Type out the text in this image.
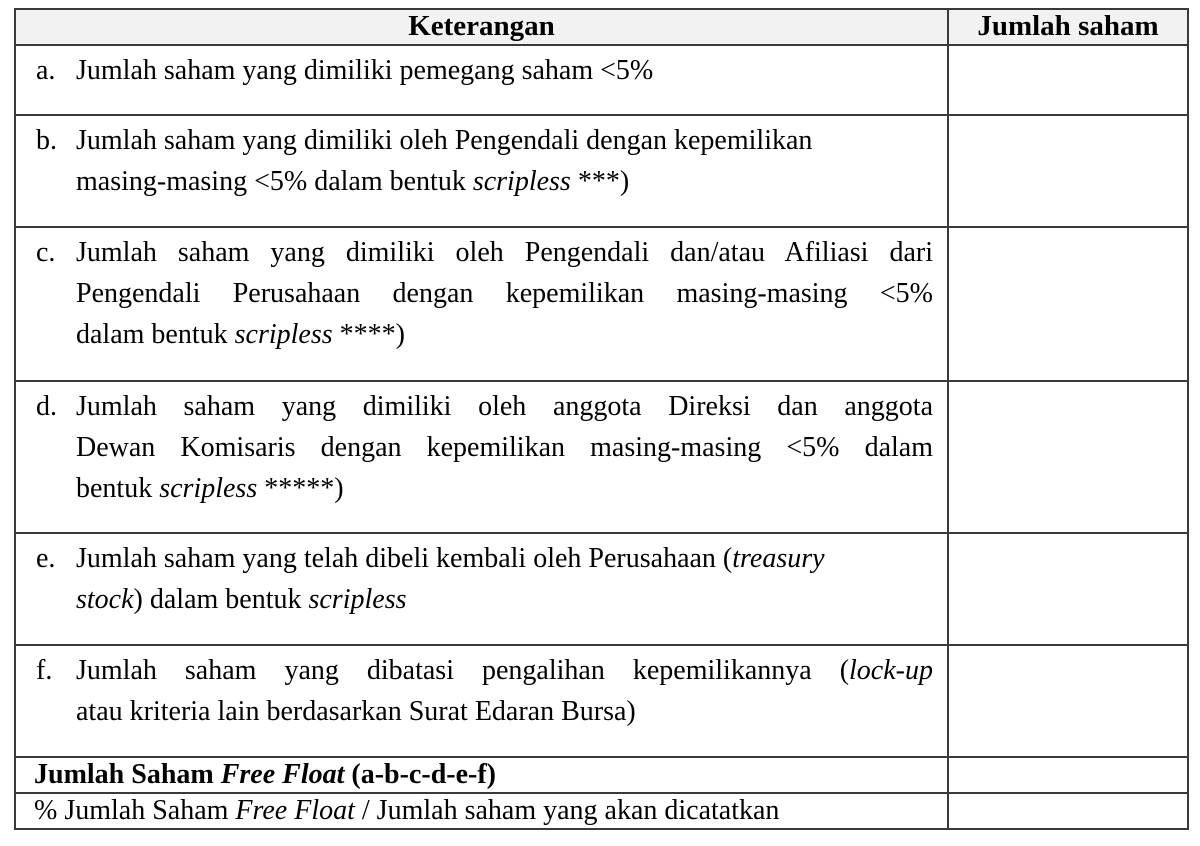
Keterangan	Jumlah saham

a. Jumlah saham yang dimiliki pemegang saham <5%	

b. Jumlah saham yang dimiliki oleh Pengendali dengan kepemilikan
masing-masing <5% dalam bentuk scripless ***)	

c. Jumlah saham yang dimiliki oleh Pengendali dan/atau Afiliasi dari
Pengendali Perusahaan dengan kepemilikan masing-masing <5%
dalam bentuk scripless ****)	

d. Jumlah saham yang dimiliki oleh anggota Direksi dan anggota
Dewan Komisaris dengan kepemilikan masing-masing <5% dalam
bentuk scripless *****)	

e. Jumlah saham yang telah dibeli kembali oleh Perusahaan (treasury
stock) dalam bentuk scripless	

f. Jumlah saham yang dibatasi pengalihan kepemilikannya (lock-up
atau kriteria lain berdasarkan Surat Edaran Bursa)	

Jumlah Saham Free Float (a-b-c-d-e-f)	
% Jumlah Saham Free Float / Jumlah saham yang akan dicatatkan	
